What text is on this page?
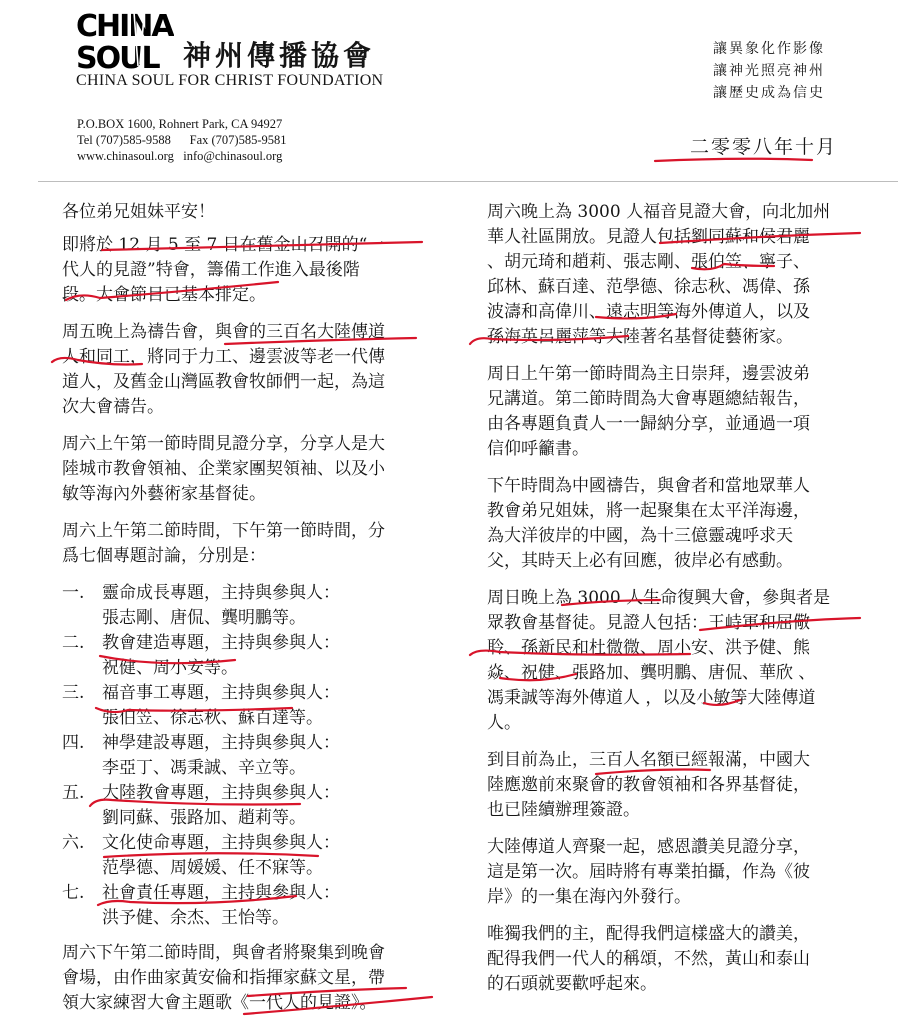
CHINA
SOUL 神州傳播協會
CHINA SOUL FOR CHRIST FOUNDATION
P.O.BOX 1600, Rohnert Park, CA 94927
Tel (707)585-9588      Fax (707)585-9581
www.chinasoul.org   info@chinasoul.org
讓異象化作影像
讓神光照亮神州
讓歷史成為信史
二零零八年十月

各位弟兄姐妹平安！

即將於 12 月 5 至 7 日在舊金山召開的“一
代人的見證”特會，籌備工作進入最後階
段。大會節目已基本排定。

周五晚上為禱告會，與會的三百名大陸傳道
人和同工，將同于力工、邊雲波等老一代傳
道人，及舊金山灣區教會牧師們一起，為這
次大會禱告。

周六上午第一節時間見證分享，分享人是大
陸城市教會領袖、企業家團契領袖、以及小
敏等海內外藝術家基督徒。

周六上午第二節時間，下午第一節時間，分
爲七個專題討論，分別是：

一.	靈命成長專題，主持與參與人：
張志剛、唐侃、龔明鵬等。
二.	教會建造專題，主持與參與人：
祝健、周小安等。
三.	福音事工專題，主持與參與人：
張伯笠、徐志秋、蘇百達等。
四.	神學建設專題，主持與參與人：
李亞丁、馮秉誠、辛立等。
五.	大陸教會專題，主持與參與人：
劉同蘇、張路加、趙莉等。
六.	文化使命專題，主持與參與人：
范學德、周媛媛、任不寐等。
七.	社會責任專題，主持與參與人：
洪予健、余杰、王怡等。

周六下午第二節時間，與會者將聚集到晚會
會場，由作曲家黃安倫和指揮家蘇文星，帶
領大家練習大會主題歌《一代人的見證》。

周六晚上為 3000 人福音見證大會，向北加州
華人社區開放。見證人包括劉同蘇和侯君麗
、胡元琦和趙莉、張志剛、張伯笠、寧子、
邱林、蘇百達、范學德、徐志秋、馮偉、孫
波濤和高偉川、遠志明等海外傳道人，以及
孫海英呂麗萍等大陸著名基督徒藝術家。

周日上午第一節時間為主日崇拜，邊雲波弟
兄講道。第二節時間為大會專題總結報告，
由各專題負責人一一歸納分享，並通過一項
信仰呼籲書。

下午時間為中國禱告，與會者和當地眾華人
教會弟兄姐妹，將一起聚集在太平洋海邊，
為大洋彼岸的中國，為十三億靈魂呼求天
父，其時天上必有回應，彼岸必有感動。

周日晚上為 3000 人生命復興大會，參與者是
眾教會基督徒。見證人包括：王峙軍和屈儆
聆、孫新民和杜微微、周小安、洪予健、熊
焱、祝健、張路加、龔明鵬、唐侃、華欣 、
馮秉誠等海外傳道人 ，以及小敏等大陸傳道
人。

到目前為止，三百人名額已經報滿，中國大
陸應邀前來聚會的教會領袖和各界基督徒，
也已陸續辦理簽證。

大陸傳道人齊聚一起，感恩讚美見證分享，
這是第一次。屆時將有專業拍攝，作為《彼
岸》的一集在海內外發行。

唯獨我們的主，配得我們這樣盛大的讚美，
配得我們一代人的稱頌，不然，黃山和泰山
的石頭就要歡呼起來。
